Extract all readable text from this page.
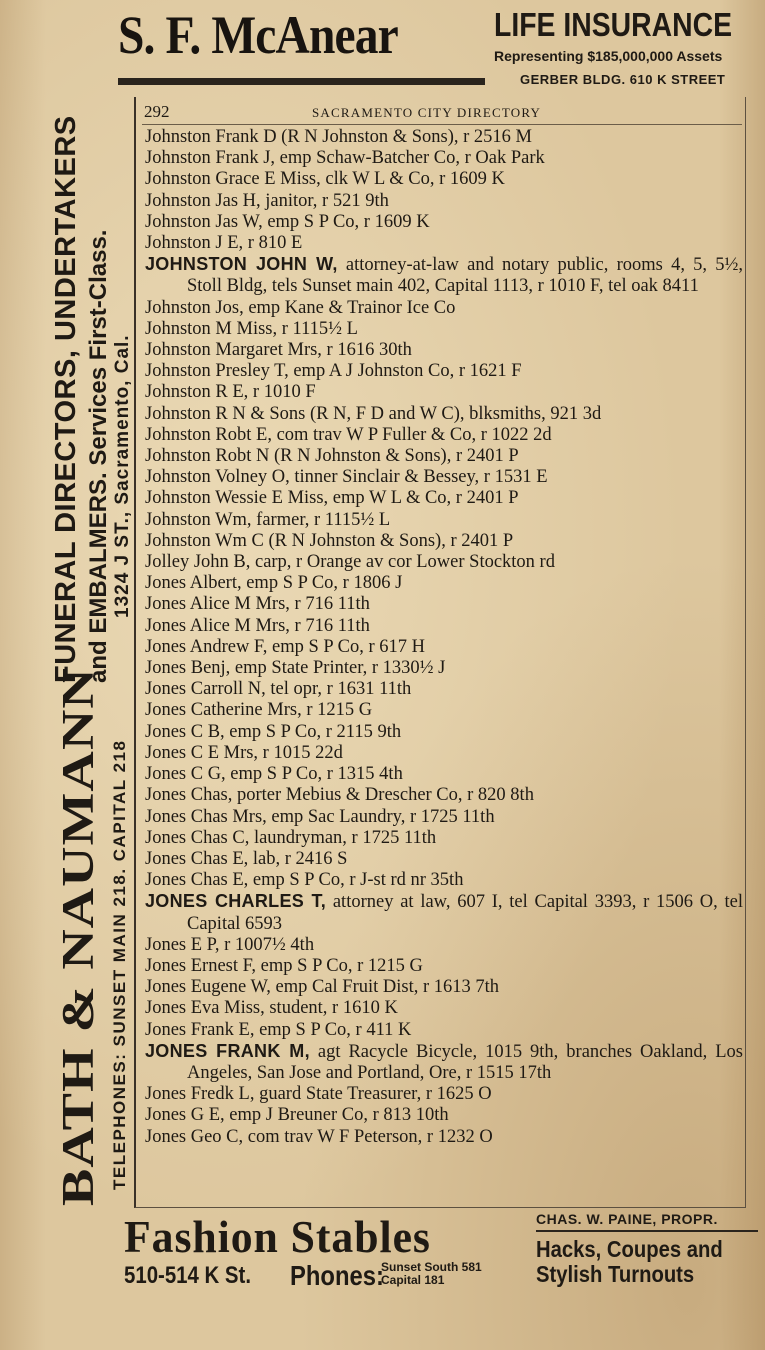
S. F. McAnear	LIFE INSURANCE
Representing $185,000,000 Assets
GERBER BLDG. 610 K STREET
BATH & NAUMANN TELEPHONES: SUNSET MAIN 218. CAPITAL 218
FUNERAL DIRECTORS, UNDERTAKERS and EMBALMERS. Services First-Class. 1324 J ST., Sacramento, Cal.
292	SACRAMENTO CITY DIRECTORY
Johnston Frank D (R N Johnston & Sons), r 2516 M
Johnston Frank J, emp Schaw-Batcher Co, r Oak Park
Johnston Grace E Miss, clk W L & Co, r 1609 K
Johnston Jas H, janitor, r 521 9th
Johnston Jas W, emp S P Co, r 1609 K
Johnston J E, r 810 E
JOHNSTON JOHN W, attorney-at-law and notary public, rooms 4, 5, 5½, Stoll Bldg, tels Sunset main 402, Capital 1113, r 1010 F, tel oak 8411
Johnston Jos, emp Kane & Trainor Ice Co
Johnston M Miss, r 1115½ L
Johnston Margaret Mrs, r 1616 30th
Johnston Presley T, emp A J Johnston Co, r 1621 F
Johnston R E, r 1010 F
Johnston R N & Sons (R N, F D and W C), blksmiths, 921 3d
Johnston Robt E, com trav W P Fuller & Co, r 1022 2d
Johnston Robt N (R N Johnston & Sons), r 2401 P
Johnston Volney O, tinner Sinclair & Bessey, r 1531 E
Johnston Wessie E Miss, emp W L & Co, r 2401 P
Johnston Wm, farmer, r 1115½ L
Johnston Wm C (R N Johnston & Sons), r 2401 P
Jolley John B, carp, r Orange av cor Lower Stockton rd
Jones Albert, emp S P Co, r 1806 J
Jones Alice M Mrs, r 716 11th
Jones Alice M Mrs, r 716 11th
Jones Andrew F, emp S P Co, r 617 H
Jones Benj, emp State Printer, r 1330½ J
Jones Carroll N, tel opr, r 1631 11th
Jones Catherine Mrs, r 1215 G
Jones C B, emp S P Co, r 2115 9th
Jones C E Mrs, r 1015 22d
Jones C G, emp S P Co, r 1315 4th
Jones Chas, porter Mebius & Drescher Co, r 820 8th
Jones Chas Mrs, emp Sac Laundry, r 1725 11th
Jones Chas C, laundryman, r 1725 11th
Jones Chas E, lab, r 2416 S
Jones Chas E, emp S P Co, r J-st rd nr 35th
JONES CHARLES T, attorney at law, 607 I, tel Capital 3393, r 1506 O, tel Capital 6593
Jones E P, r 1007½ 4th
Jones Ernest F, emp S P Co, r 1215 G
Jones Eugene W, emp Cal Fruit Dist, r 1613 7th
Jones Eva Miss, student, r 1610 K
Jones Frank E, emp S P Co, r 411 K
JONES FRANK M, agt Racycle Bicycle, 1015 9th, branches Oakland, Los Angeles, San Jose and Portland, Ore, r 1515 17th
Jones Fredk L, guard State Treasurer, r 1625 O
Jones G E, emp J Breuner Co, r 813 10th
Jones Geo C, com trav W F Peterson, r 1232 O
Fashion Stables
510-514 K St. Phones:
Sunset South 581
Capital 181
CHAS. W. PAINE, PROPR.
Hacks, Coupes and
Stylish Turnouts
